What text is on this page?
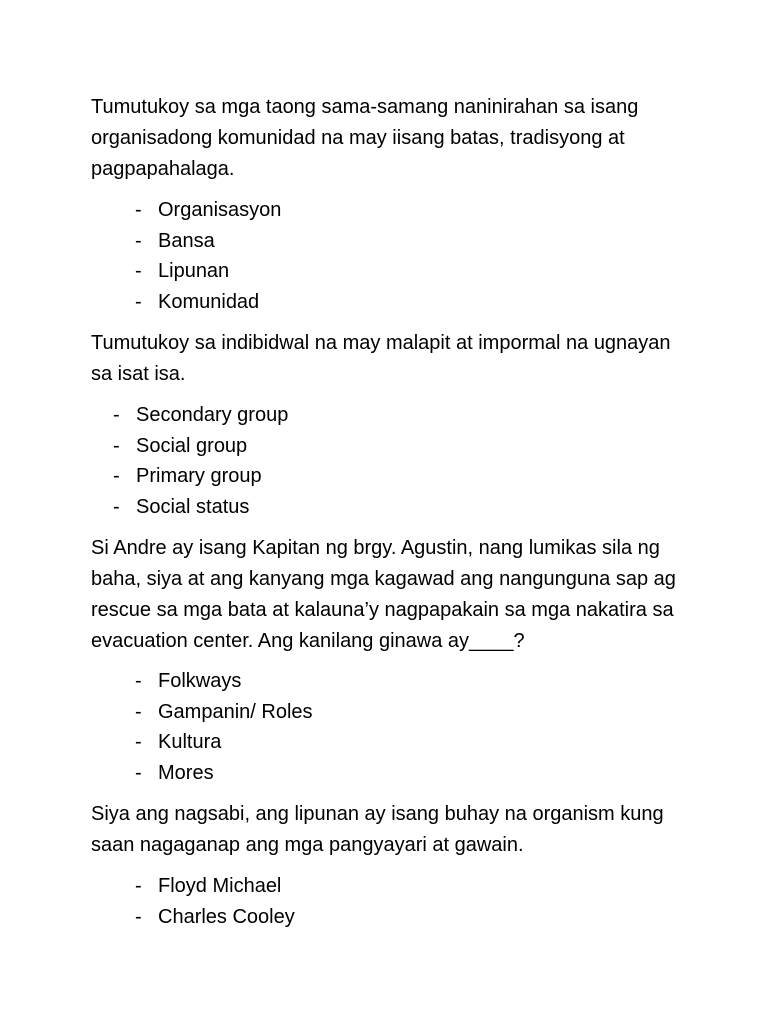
Tumutukoy sa mga taong sama-samang naninirahan sa isang organisadong komunidad na may iisang batas, tradisyong at pagpapahalaga.

- Organisasyon
- Bansa
- Lipunan
- Komunidad

Tumutukoy sa indibidwal na may malapit at impormal na ugnayan sa isat isa.

- Secondary group
- Social group
- Primary group
- Social status

Si Andre ay isang Kapitan ng brgy. Agustin, nang lumikas sila ng baha, siya at ang kanyang mga kagawad ang nangunguna sap ag rescue sa mga bata at kalauna’y nagpapakain sa mga nakatira sa evacuation center. Ang kanilang ginawa ay____?

- Folkways
- Gampanin/ Roles
- Kultura
- Mores

Siya ang nagsabi, ang lipunan ay isang buhay na organism kung saan nagaganap ang mga pangyayari at gawain.

- Floyd Michael
- Charles Cooley
